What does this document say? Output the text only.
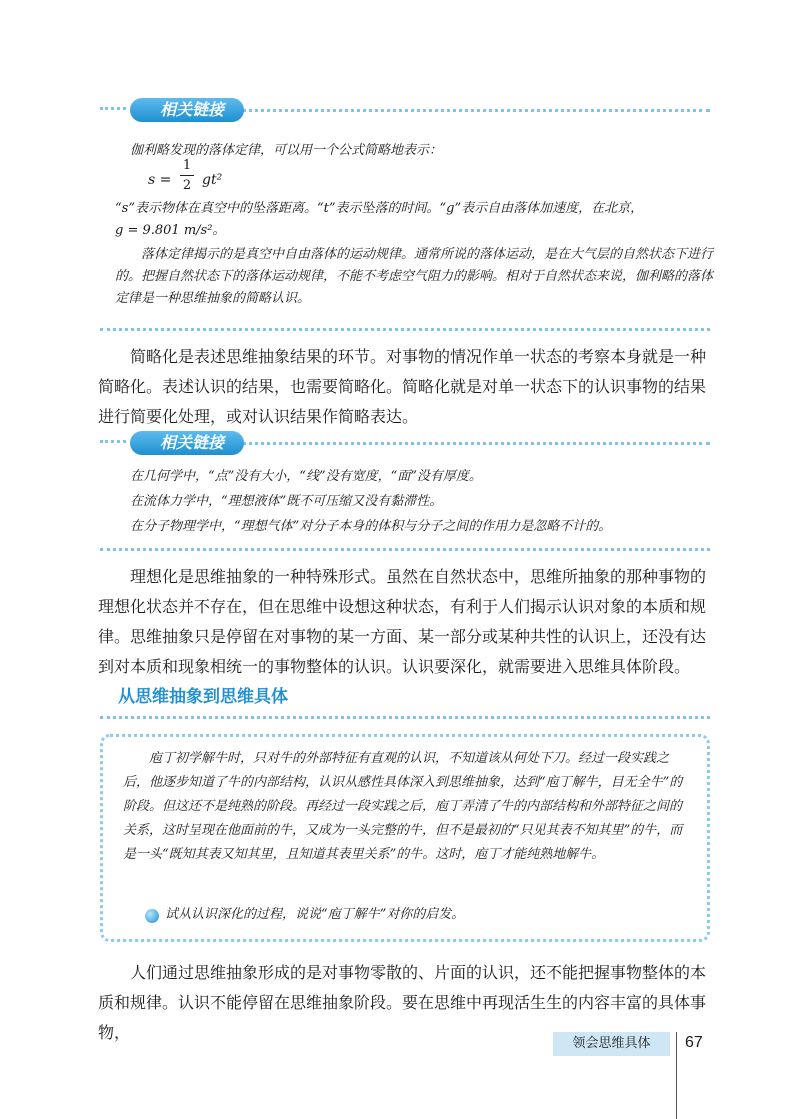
相关链接

伽利略发现的落体定律，可以用一个公式简略地表示：

s =
1
2 gt²

“s”表示物体在真空中的坠落距离。“t”表示坠落的时间。“g”表示自由落体加速度，在北京，

g = 9.801 m/s²。

落体定律揭示的是真空中自由落体的运动规律。通常所说的落体运动，是在大气层的自然状态下进行的。把握自然状态下的落体运动规律，不能不考虑空气阻力的影响。相对于自然状态来说，伽利略的落体定律是一种思维抽象的简略认识。

简略化是表述思维抽象结果的环节。对事物的情况作单一状态的考察本身就是一种简略化。表述认识的结果，也需要简略化。简略化就是对单一状态下的认识事物的结果进行简要化处理，或对认识结果作简略表达。

相关链接

在几何学中，“点”没有大小，“线”没有宽度，“面”没有厚度。

在流体力学中，“理想液体”既不可压缩又没有黏滞性。

在分子物理学中，“理想气体”对分子本身的体积与分子之间的作用力是忽略不计的。

理想化是思维抽象的一种特殊形式。虽然在自然状态中，思维所抽象的那种事物的理想化状态并不存在，但在思维中设想这种状态，有利于人们揭示认识对象的本质和规律。 思维抽象只是停留在对事物的某一方面、某一部分或某种共性的认识上，还没有达到对本质和现象相统一的事物整体的认识。认识要深化，就需要进入思维具体阶段。

从思维抽象到思维具体

庖丁初学解牛时，只对牛的外部特征有直观的认识，不知道该从何处下刀。经过一段实践之后，他逐步知道了牛的内部结构，认识从感性具体深入到思维抽象，达到“庖丁解牛，目无全牛”的阶段。但这还不是纯熟的阶段。再经过一段实践之后，庖丁弄清了牛的内部结构和外部特征之间的关系，这时呈现在他面前的牛，又成为一头完整的牛，但不是最初的“只见其表不知其里”的牛，而是一头“既知其表又知其里，且知道其表里关系”的牛。这时，庖丁才能纯熟地解牛。

试从认识深化的过程，说说“庖丁解牛”对你的启发。

人们通过思维抽象形成的是对事物零散的、片面的认识，还不能把握事物整体的本质和规律。认识不能停留在思维抽象阶段。要在思维中再现活生生的内容丰富的具体事物，

领会思维具体	67
